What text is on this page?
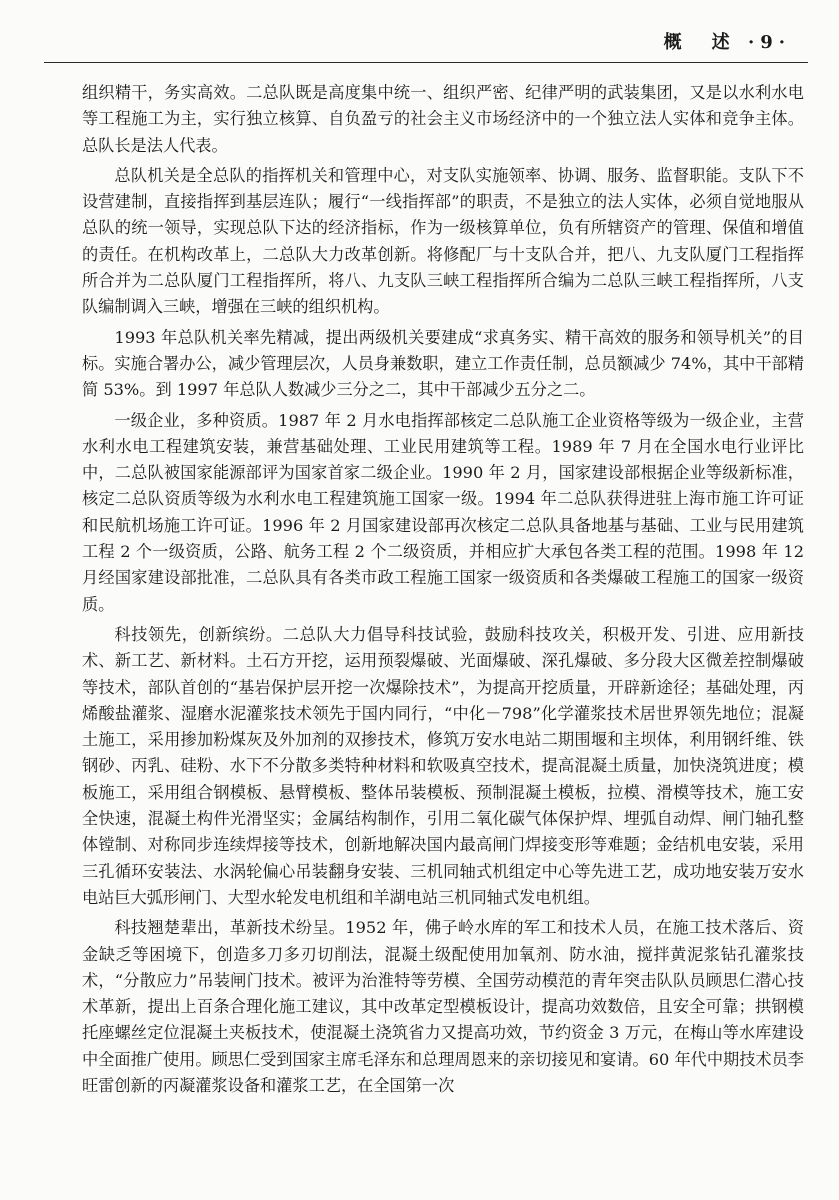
概　述 ·9·

组织精干，务实高效。二总队既是高度集中统一、组织严密、纪律严明的武装集团，又是以水利水电等工程施工为主，实行独立核算、自负盈亏的社会主义市场经济中的一个独立法人实体和竞争主体。总队长是法人代表。

总队机关是全总队的指挥机关和管理中心，对支队实施领率、协调、服务、监督职能。支队下不设营建制，直接指挥到基层连队；履行“一线指挥部”的职责，不是独立的法人实体，必须自觉地服从总队的统一领导，实现总队下达的经济指标，作为一级核算单位，负有所辖资产的管理、保值和增值的责任。在机构改革上，二总队大力改革创新。将修配厂与十支队合并，把八、九支队厦门工程指挥所合并为二总队厦门工程指挥所，将八、九支队三峡工程指挥所合编为二总队三峡工程指挥所，八支队编制调入三峡，增强在三峡的组织机构。

1993 年总队机关率先精减，提出两级机关要建成“求真务实、精干高效的服务和领导机关”的目标。实施合署办公，减少管理层次，人员身兼数职，建立工作责任制，总员额减少 74%，其中干部精简 53%。到 1997 年总队人数减少三分之二，其中干部减少五分之二。

一级企业，多种资质。1987 年 2 月水电指挥部核定二总队施工企业资格等级为一级企业，主营水利水电工程建筑安装，兼营基础处理、工业民用建筑等工程。1989 年 7 月在全国水电行业评比中，二总队被国家能源部评为国家首家二级企业。1990 年 2 月，国家建设部根据企业等级新标准，核定二总队资质等级为水利水电工程建筑施工国家一级。1994 年二总队获得进驻上海市施工许可证和民航机场施工许可证。1996 年 2 月国家建设部再次核定二总队具备地基与基础、工业与民用建筑工程 2 个一级资质，公路、航务工程 2 个二级资质，并相应扩大承包各类工程的范围。1998 年 12 月经国家建设部批准，二总队具有各类市政工程施工国家一级资质和各类爆破工程施工的国家一级资质。

科技领先，创新缤纷。二总队大力倡导科技试验，鼓励科技攻关，积极开发、引进、应用新技术、新工艺、新材料。土石方开挖，运用预裂爆破、光面爆破、深孔爆破、多分段大区微差控制爆破等技术，部队首创的“基岩保护层开挖一次爆除技术”，为提高开挖质量，开辟新途径；基础处理，丙烯酸盐灌浆、湿磨水泥灌浆技术领先于国内同行，“中化－798”化学灌浆技术居世界领先地位；混凝土施工，采用掺加粉煤灰及外加剂的双掺技术，修筑万安水电站二期围堰和主坝体，利用钢纤维、铁钢砂、丙乳、硅粉、水下不分散多类特种材料和软吸真空技术，提高混凝土质量，加快浇筑进度；模板施工，采用组合钢模板、悬臂模板、整体吊装模板、预制混凝土模板，拉模、滑模等技术，施工安全快速，混凝土构件光滑坚实；金属结构制作，引用二氧化碳气体保护焊、埋弧自动焊、闸门轴孔整体镗制、对称同步连续焊接等技术，创新地解决国内最高闸门焊接变形等难题；金结机电安装，采用三孔循环安装法、水涡轮偏心吊装翻身安装、三机同轴式机组定中心等先进工艺，成功地安装万安水电站巨大弧形闸门、大型水轮发电机组和羊湖电站三机同轴式发电机组。

科技翘楚辈出，革新技术纷呈。1952 年，佛子岭水库的军工和技术人员，在施工技术落后、资金缺乏等困境下，创造多刀多刃切削法，混凝土级配使用加氧剂、防水油，搅拌黄泥浆钻孔灌浆技术，“分散应力”吊装闸门技术。被评为治淮特等劳模、全国劳动模范的青年突击队队员顾思仁潜心技术革新，提出上百条合理化施工建议，其中改革定型模板设计，提高功效数倍，且安全可靠；拱钢模托座螺丝定位混凝土夹板技术，使混凝土浇筑省力又提高功效，节约资金 3 万元，在梅山等水库建设中全面推广使用。顾思仁受到国家主席毛泽东和总理周恩来的亲切接见和宴请。60 年代中期技术员李旺雷创新的丙凝灌浆设备和灌浆工艺，在全国第一次
